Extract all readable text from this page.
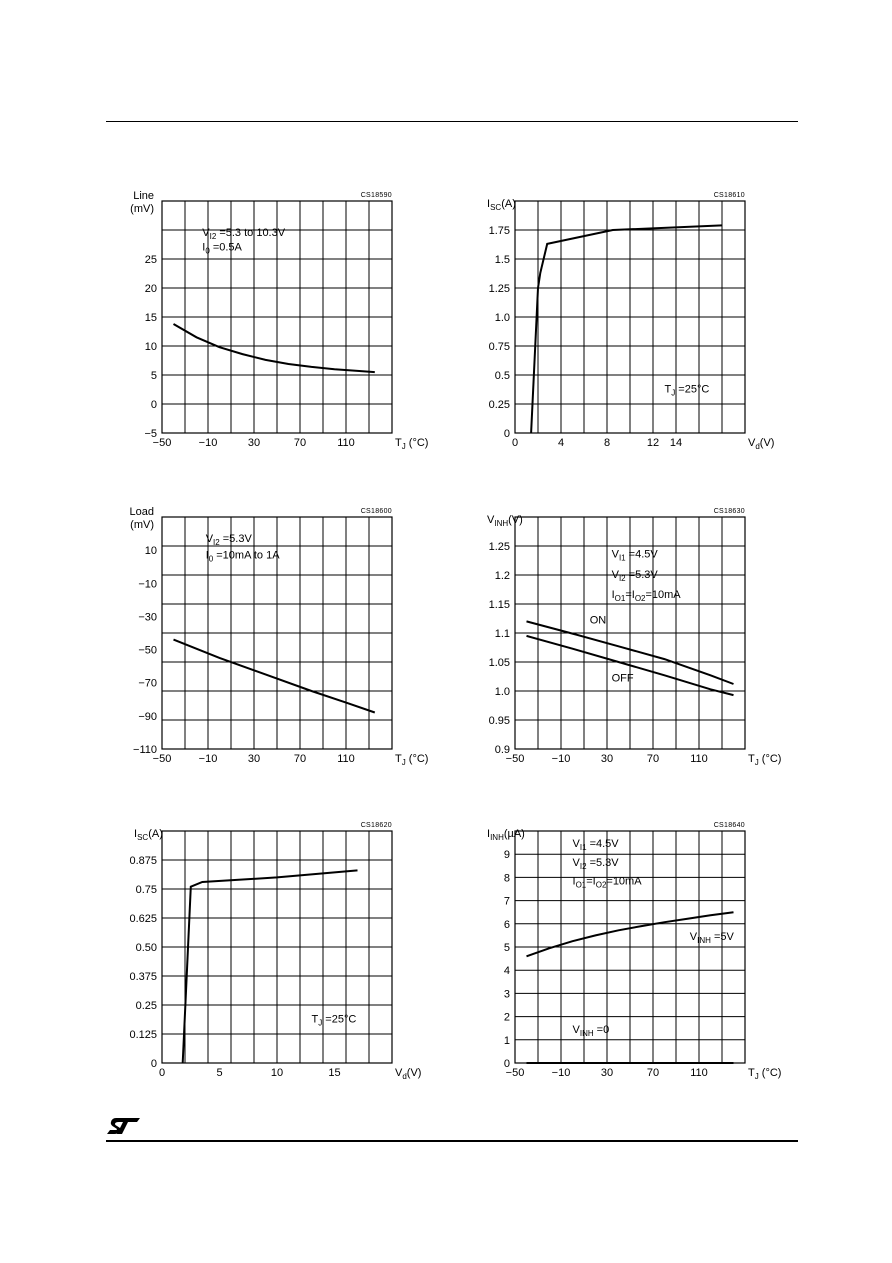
CS18590
Line
(mV)
$T_J$ (°C)
−50 −10	30	70	110
−5
0
5
10
15
20
25
$V_{I2} =5.3$ to 10.3V
$I_0 =0.5A$
CS18610
$I_{SC}(A)$
$V_d(V)$
0	4	8	12 14
0
0.25
0.5
0.75
1.0
1.25
1.5
1.75
$T_J =25^\circ C$
CS18600
Load
(mV)
$T_J$ (°C)
−50 −10	30	70	110
−110
−90
−70
−50
−30
−10
10
$V_{I2} =5.3V$
$I_0 =10mA$ to 1A
CS18630
$V_{INH}(V)$
$T_J$ (°C)
−50 −10	30	70	110
0.9
0.95
1.0
1.05
1.1
1.15
1.2
1.25
$V_{I1} =4.5V$
$V_{I2} =5.3V$
$I_{O1}=I_{O2}=10mA$
ON
OFF
CS18620
$I_{SC}(A)$
$V_d(V)$
0	5	10	15
0
0.125
0.25
0.375
0.50
0.625
0.75
0.875
$T_J =25^\circ C$
CS18640
$I_{INH}(\mu A)$
$T_J$ (°C)
−50 −10	30	70	110
0
1
2
3
4
5
6
7
8
9
$V_{I1} =4.5V$
$V_{I2} =5.3V$
$I_{O1}=I_{O2}=10mA$
$V_{INH} =5V$
$V_{INH} =0$
